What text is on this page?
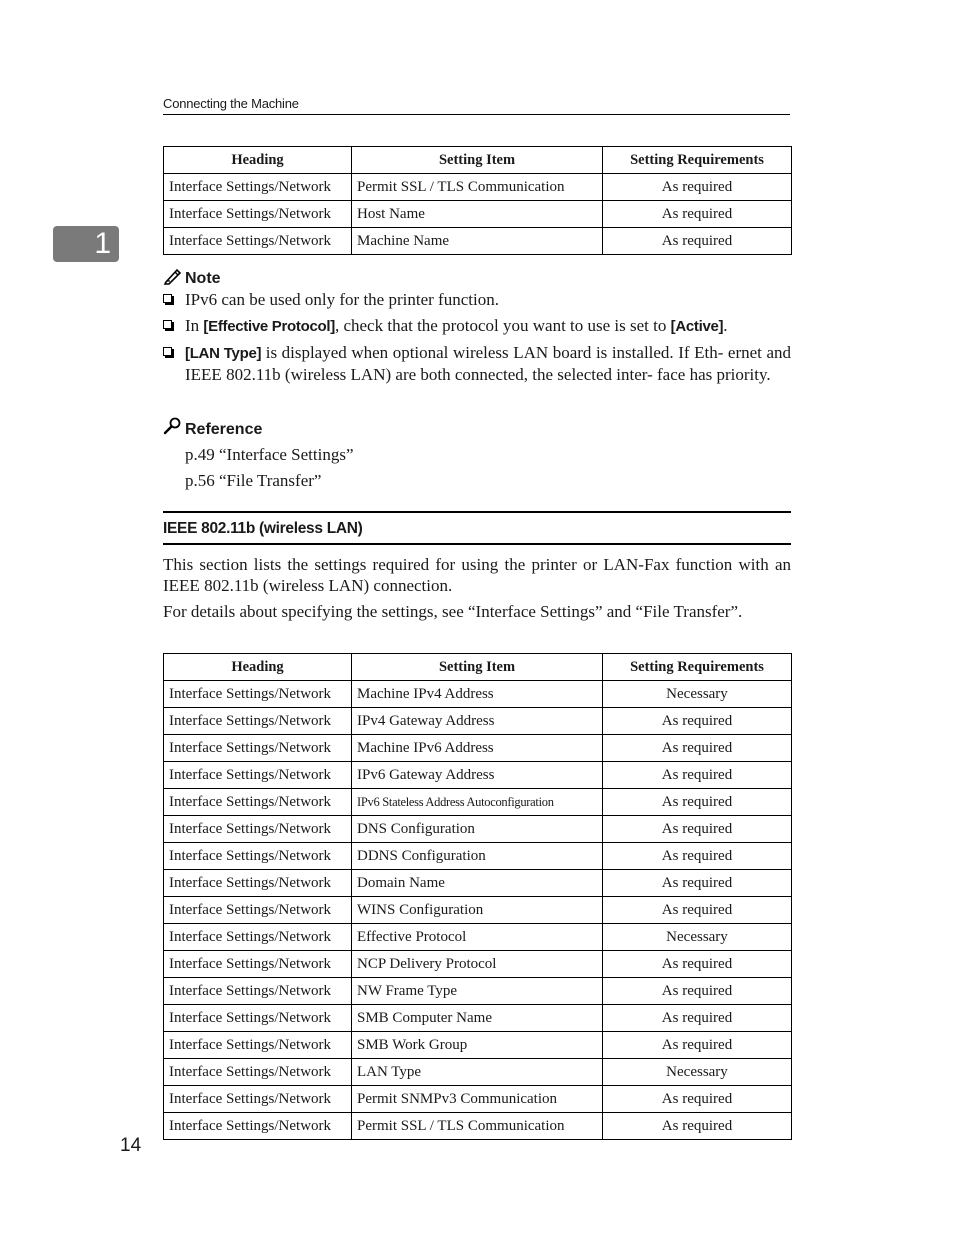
Connecting the Machine
1
Heading	Setting Item	Setting Requirements
Interface Settings/Network	Permit SSL / TLS Communication	As required
Interface Settings/Network	Host Name	As required
Interface Settings/Network	Machine Name	As required
Note
IPv6 can be used only for the printer function.
In [Effective Protocol], check that the protocol you want to use is set to [Active].
[LAN Type] is displayed when optional wireless LAN board is installed. If Eth- ernet and IEEE 802.11b (wireless LAN) are both connected, the selected inter- face has priority.
Reference
p.49 “Interface Settings”
p.56 “File Transfer”
IEEE 802.11b (wireless LAN)

This section lists the settings required for using the printer or LAN-Fax function with an IEEE 802.11b (wireless LAN) connection.

For details about specifying the settings, see “Interface Settings” and “File Transfer”.

Heading	Setting Item	Setting Requirements
Interface Settings/Network	Machine IPv4 Address	Necessary
Interface Settings/Network	IPv4 Gateway Address	As required
Interface Settings/Network	Machine IPv6 Address	As required
Interface Settings/Network	IPv6 Gateway Address	As required
Interface Settings/Network	IPv6 Stateless Address Autoconfiguration	As required
Interface Settings/Network	DNS Configuration	As required
Interface Settings/Network	DDNS Configuration	As required
Interface Settings/Network	Domain Name	As required
Interface Settings/Network	WINS Configuration	As required
Interface Settings/Network	Effective Protocol	Necessary
Interface Settings/Network	NCP Delivery Protocol	As required
Interface Settings/Network	NW Frame Type	As required
Interface Settings/Network	SMB Computer Name	As required
Interface Settings/Network	SMB Work Group	As required
Interface Settings/Network	LAN Type	Necessary
Interface Settings/Network	Permit SNMPv3 Communication	As required
Interface Settings/Network	Permit SSL / TLS Communication	As required
14
